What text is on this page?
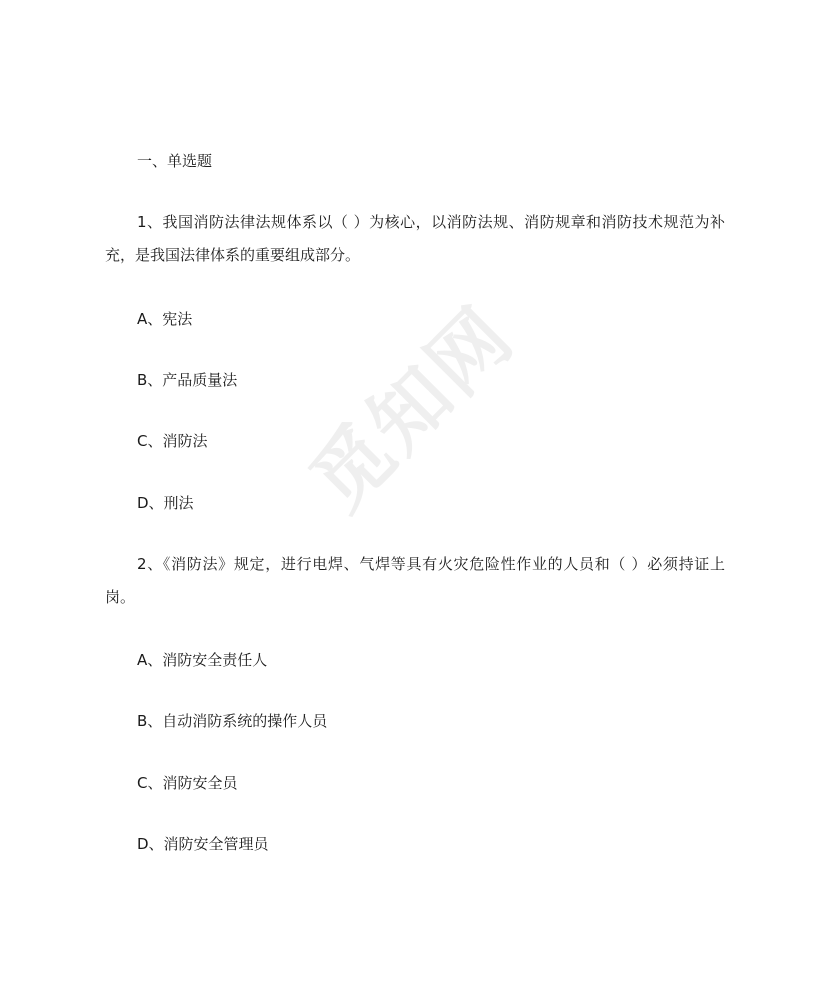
觅知网
一、单选题
1、我国消防法律法规体系以（ ）为核心，以消防法规、消防规章和消防技术规范为补充，是我国法律体系的重要组成部分。
A、宪法
B、产品质量法
C、消防法
D、刑法
2、《消防法》规定，进行电焊、气焊等具有火灾危险性作业的人员和（ ）必须持证上岗。
A、消防安全责任人
B、自动消防系统的操作人员
C、消防安全员
D、消防安全管理员
